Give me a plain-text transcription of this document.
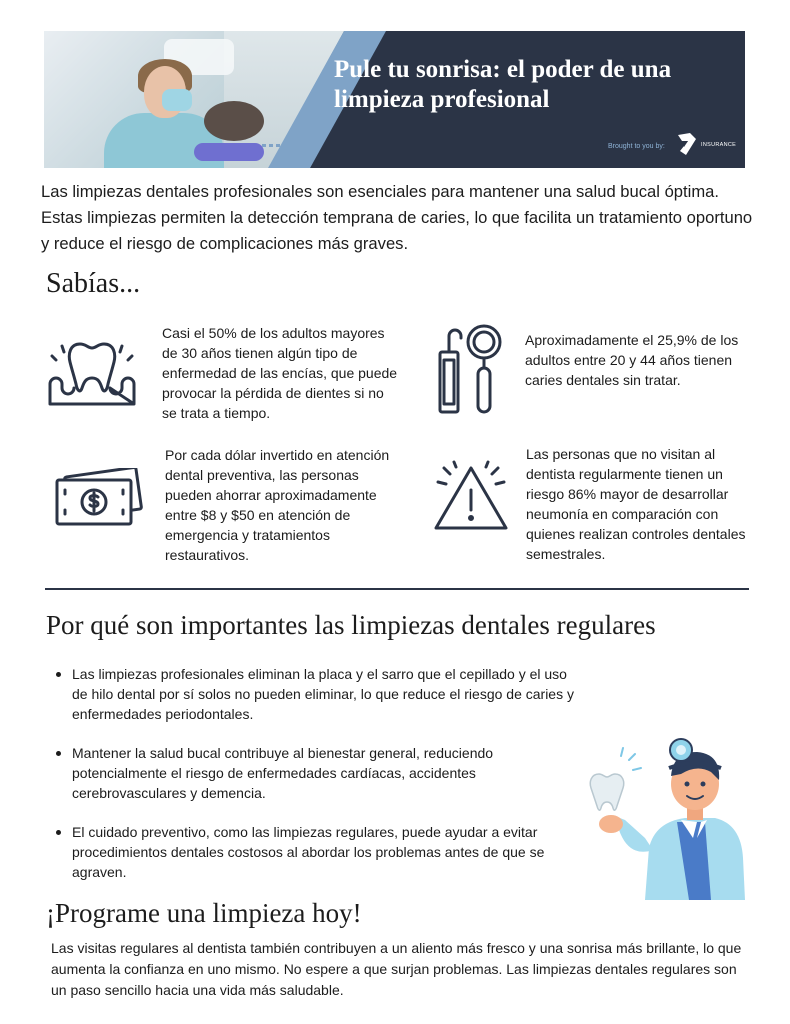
Pule tu sonrisa: el poder de una limpieza profesional
Brought to you by:	INSURANCE

Las limpiezas dentales profesionales son esenciales para mantener una salud bucal óptima. Estas limpiezas permiten la detección temprana de caries, lo que facilita un tratamiento oportuno y reduce el riesgo de complicaciones más graves.

Sabías...

Casi el 50% de los adultos mayores de 30 años tienen algún tipo de enfermedad de las encías, que puede provocar la pérdida de dientes si no se trata a tiempo.

Aproximadamente el 25,9% de los adultos entre 20 y 44 años tienen caries dentales sin tratar.

Por cada dólar invertido en atención dental preventiva, las personas pueden ahorrar aproximadamente entre $8 y $50 en atención de emergencia y tratamientos restaurativos.

Las personas que no visitan al dentista regularmente tienen un riesgo 86% mayor de desarrollar neumonía en comparación con quienes realizan controles dentales semestrales.

Por qué son importantes las limpiezas dentales regulares
Las limpiezas profesionales eliminan la placa y el sarro que el cepillado y el uso de hilo dental por sí solos no pueden eliminar, lo que reduce el riesgo de caries y enfermedades periodontales.
Mantener la salud bucal contribuye al bienestar general, reduciendo potencialmente el riesgo de enfermedades cardíacas, accidentes cerebrovasculares y demencia.
El cuidado preventivo, como las limpiezas regulares, puede ayudar a evitar procedimientos dentales costosos al abordar los problemas antes de que se agraven.
¡Programe una limpieza hoy!

Las visitas regulares al dentista también contribuyen a un aliento más fresco y una sonrisa más brillante, lo que aumenta la confianza en uno mismo. No espere a que surjan problemas. Las limpiezas dentales regulares son un paso sencillo hacia una vida más saludable.
